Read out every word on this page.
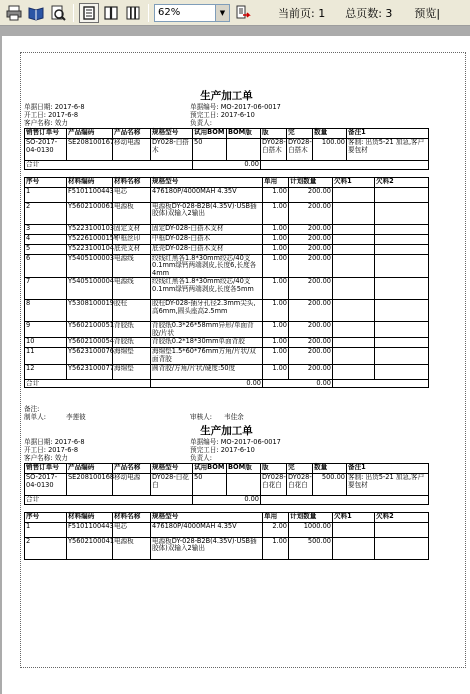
62%	▼	当前页: 1 总页数: 3 预览|
生产加工单
单据日期: 2017-6-8	单据编号: MO-2017-06-0017
开工日: 2017-6-8	预完工日: 2017-6-10
客户名称: 效力	负责人:
销售订单号	产品编码	产品名称	规格型号	试用BOM	BOM版	版	完	数量	备注1
SO-2017-04-0130	SE208100167	移动电源	DY028-白搭木	50		DY028-白搭木	DY028-白搭木	100.00	客制: 出货5-21 加急,客户要包材
合计				0.00					
序号	材料编码	材料名称	规格型号	单用	计划数量	欠料1	欠料2
1	F5101100443	电芯	476180P/4000MAH 4.35V	1.00	200.00		
2	Y5602100061	电源板	电源板DY-028-B2B(4.35V)·USB插胶体)双输入2输出	1.00	200.00		
3	Y5223100103	固定支材	固定DY-028-白搭木支材	1.00	200.00		
4	Y5226100015Y	中框丝印	中框DY-028-白搭木	1.00	200.00		
5	Y5223100104	底壳支材	底壳DY-028-白搭木支材	1.00	200.00		
6	Y5405100003	电源线	绞线红黑各1.8*30mm绞芯/40支0.1mm绿钙两端剥皮,长度6,长度各4mm	1.00	200.00		
7	Y5405100004	电源线	绞线红黑各1.8*30mm绞芯/40支0.1mm绿钙两端剥皮,长度各5mm	1.00	200.00		
8	Y5308100019	胶柱	胶柱DY-028-插牙孔径2.3mm尖头,高6mm,圆头座高2.5mm	1.00	200.00		
9	Y5602100051	背胶纸	背胶纸0.3*26*58mm异形/单面背胶/片状	1.00	200.00		
10	Y5602100054	背胶纸	背胶纸0.2*18*30mm单面背胶	1.00	200.00		
11	Y5623100076	海绵垫	海绵垫1.5*60*76mm方角/片状/双面背胶	1.00	200.00		
12	Y5623100077	海绵垫	圆背胶/方角/片状/硬度:50度	1.00	200.00		
合计			0.00	0.00			
备注:
制单人:	李莲彼	审核人:	韦佳余
生产加工单
单据日期: 2017-6-8	单据编号: MO-2017-06-0017
开工日: 2017-6-8	预完工日: 2017-6-10
客户名称: 效力	负责人:
销售订单号	产品编码	产品名称	规格型号	试用BOM	BOM版	版	完	数量	备注1
SO-2017-04-0130	SE208100168	移动电源	DY028-白花白	50		DY028-白花白	DY028-白花白	500.00	客制: 出货5-21 加急,客户要包材
合计				0.00					
序号	材料编码	材料名称	规格型号	单用	计划数量	欠料1	欠料2
1	F5101100443	电芯	476180P/4000MAH 4.35V	2.00	1000.00		
2	Y5602100041	电源板	电源板DY-028-B2B(4.35V)·USB插胶体)双输入2输出	1.00	500.00		
